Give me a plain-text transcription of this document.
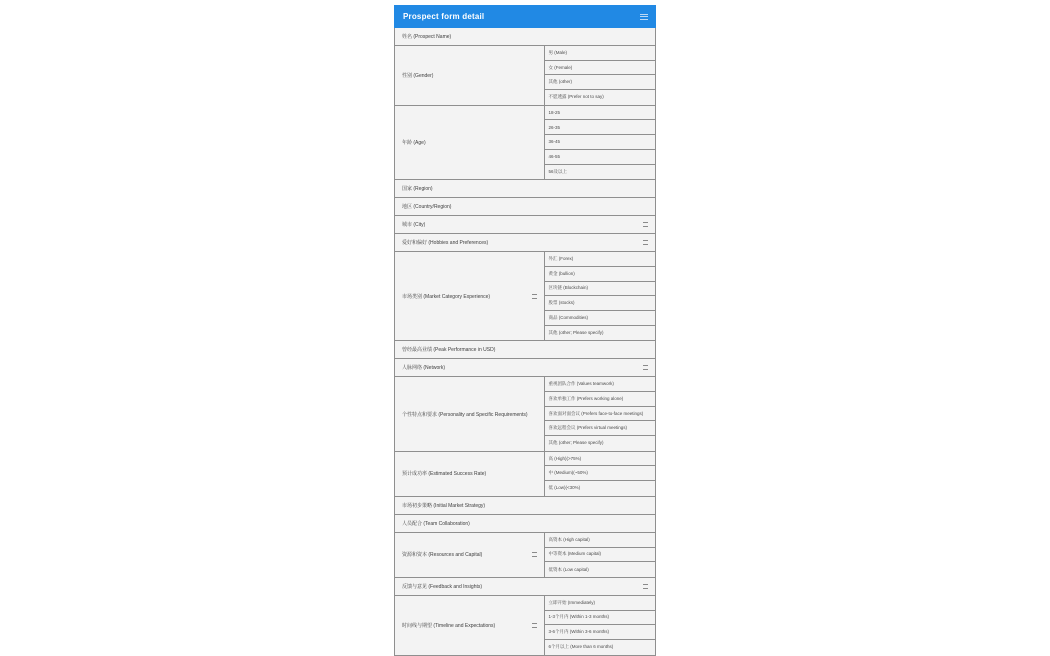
Prospect form detail
姓名 (Prospect Name)
性别 (Gender)
男 (Male)
女 (Female)
其他 (other)
不愿透露 (Prefer not to say)
年龄 (Age)
18-25
26-35
36-45
46-55
56及以上
国家 (Region)
地区 (Country/Region)
城市 (City)
爱好和偏好 (Hobbies and Preferences)
市场类别 (Market Category Experience)
外汇 (Forex)
黄金 (bullion)
区块链 (Blockchain)
股票 (stocks)
商品 (Commodities)
其他 (other; Please specify)
曾经最高业绩 (Peak Performance in USD)
人脉网络 (Network)
个性特点和要求 (Personality and Specific Requirements)
重视团队合作 (Values teamwork)
喜欢单独工作 (Prefers working alone)
喜欢面对面会议 (Prefers face-to-face meetings)
喜欢远程会议 (Prefers virtual meetings)
其他 (other; Please specify)
预计成功率 (Estimated Success Rate)
高 (High)(>75%)
中 (Medium)(~50%)
低 (Low)(<30%)
市场初步策略 (Initial Market Strategy)
人员配合 (Team Collaboration)
资源和资本 (Resources and Capital)
高资本 (High capital)
中等资本 (Medium capital)
低资本 (Low capital)
反馈与意见 (Feedback and Insights)
时间线与期望 (Timeline and Expectations)
立即开始 (Immediately)
1-3个月内 (Within 1-3 months)
3-6个月内 (Within 3-6 months)
6个月以上 (More than 6 months)
